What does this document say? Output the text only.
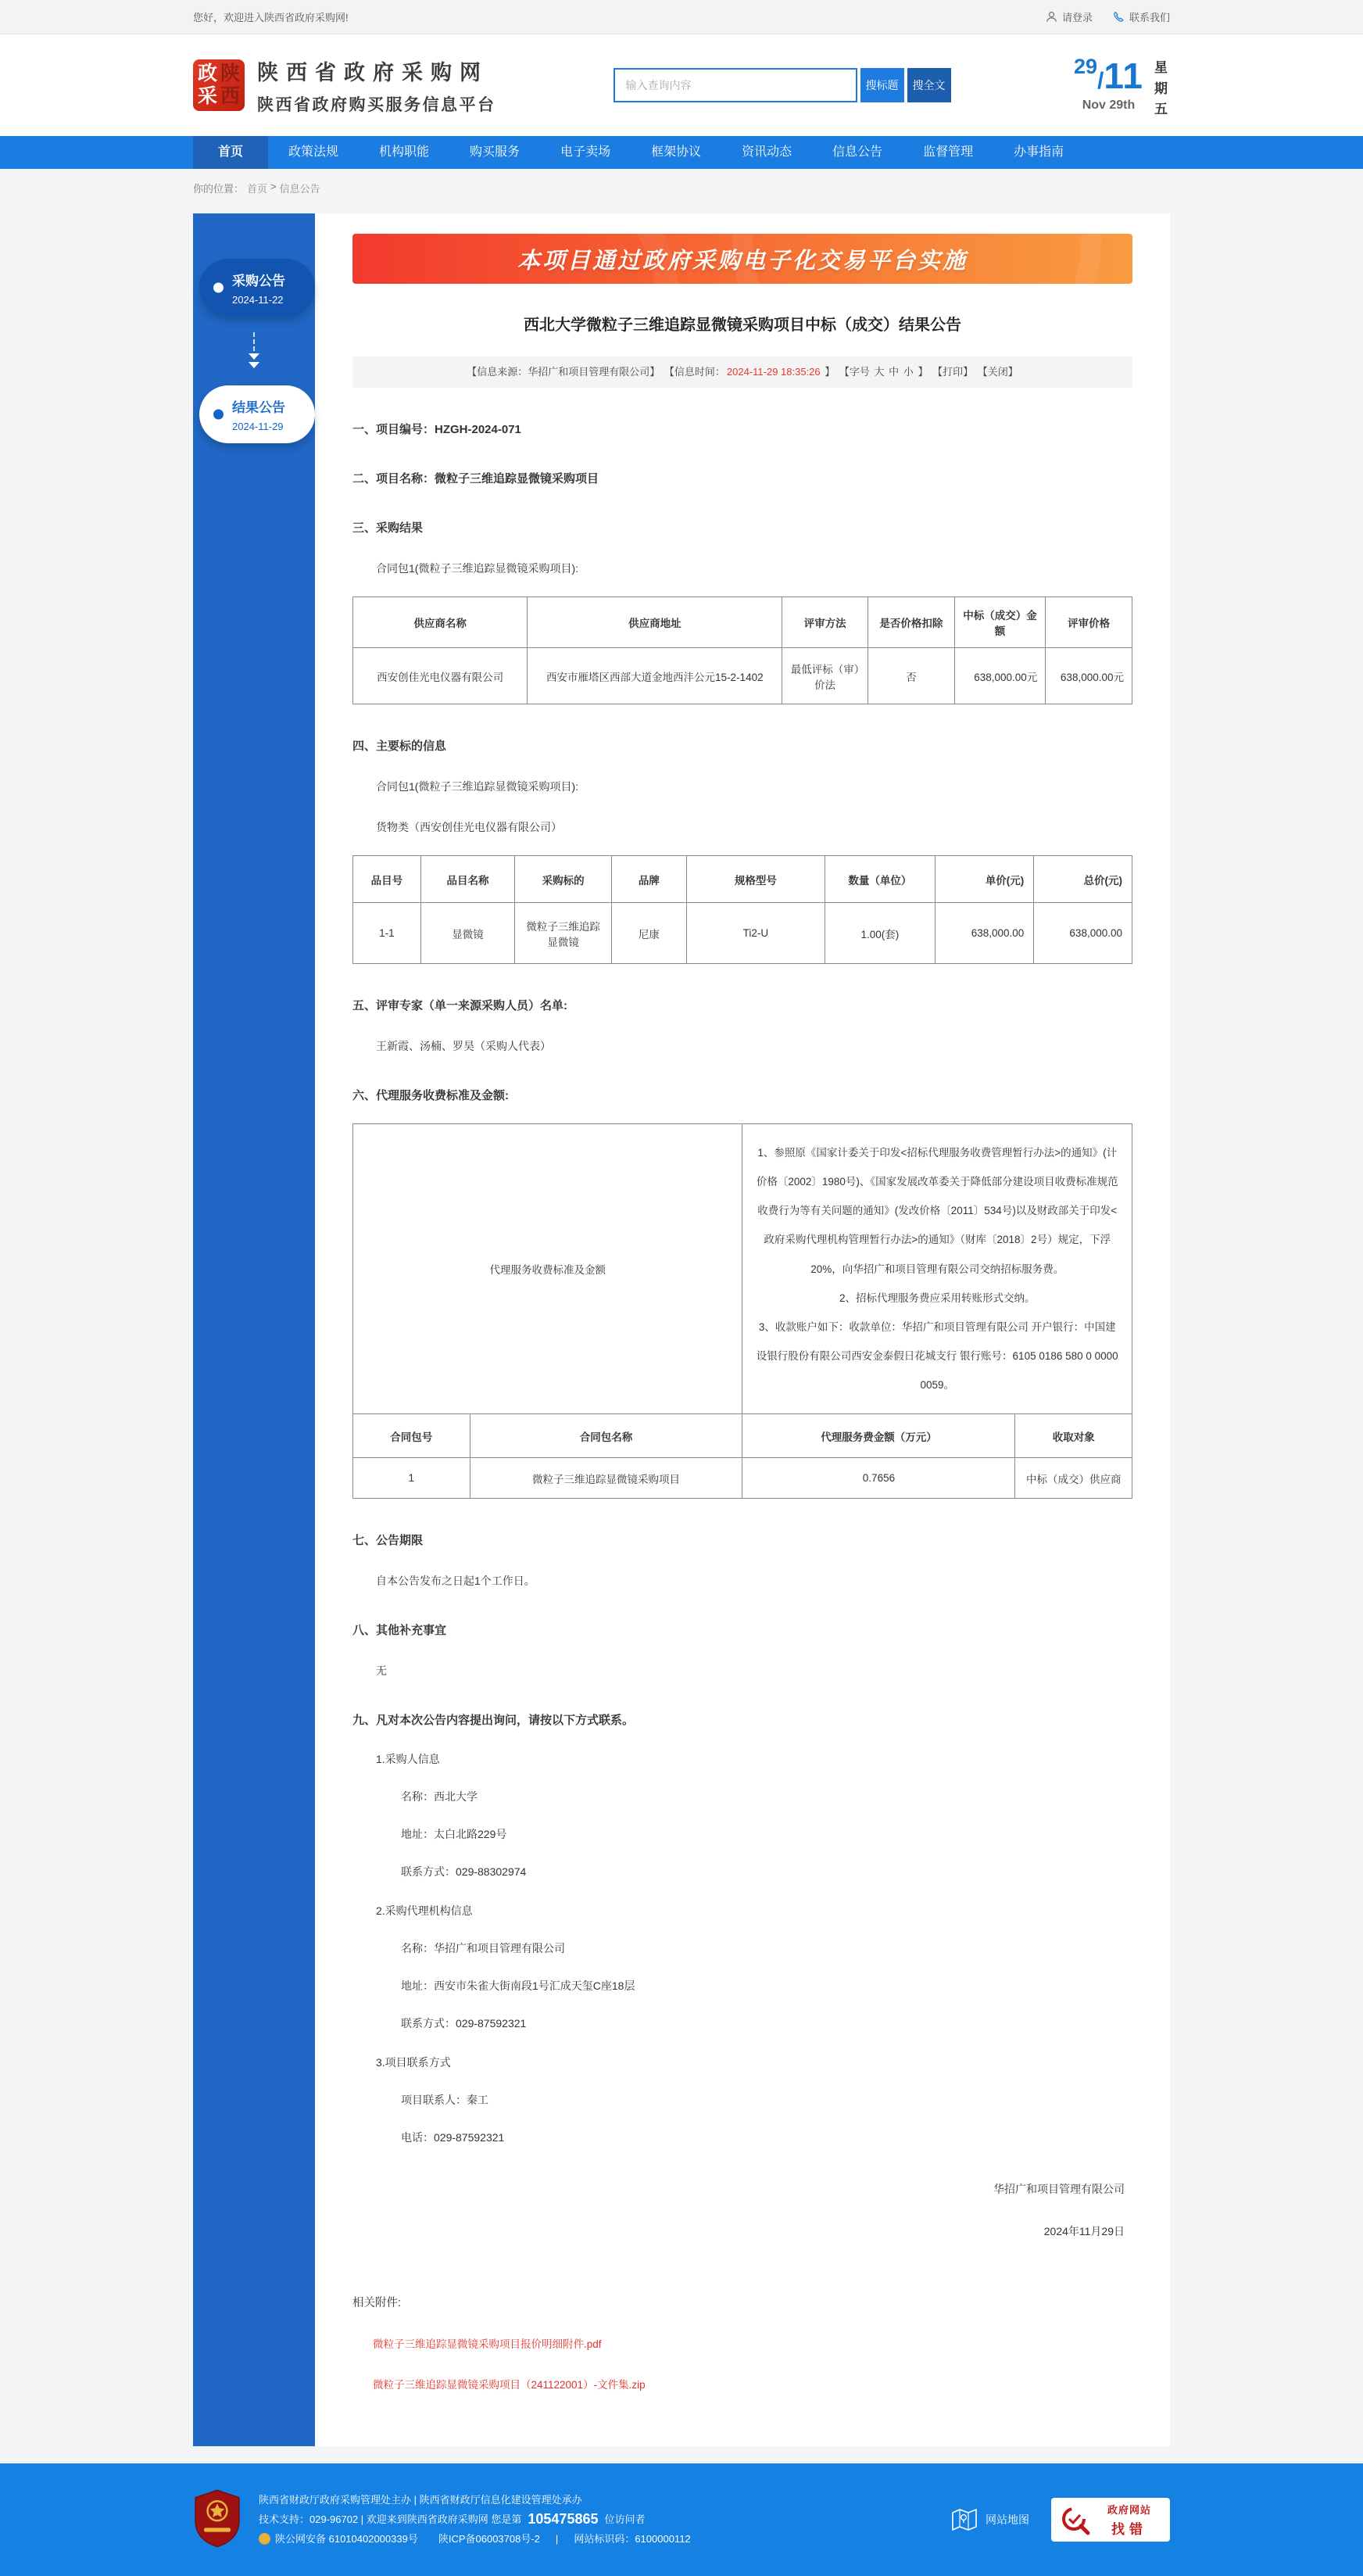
您好，欢迎进入陕西省政府采购网!	请登录	联系我们
政 陕
采 西
陕西省政府采购网
陕西省政府购买服务信息平台
输入查询内容
搜标题	搜全文
29/11
Nov 29th
星期五
首页	政策法规	机构职能	购买服务	电子卖场	框架协议	资讯动态	信息公告	监督管理	办事指南
你的位置： 首页 > 信息公告
采购公告
2024-11-22
结果公告
2024-11-29
本项目通过政府采购电子化交易平台实施
西北大学微粒子三维追踪显微镜采购项目中标（成交）结果公告
【信息来源：华招广和项目管理有限公司】 【信息时间： 2024-11-29 18:35:26 】 【字号 大 中 小 】 【打印】 【关闭】
一、项目编号：HZGH-2024-071
二、项目名称：微粒子三维追踪显微镜采购项目
三、采购结果
合同包1(微粒子三维追踪显微镜采购项目):
供应商名称	供应商地址	评审方法	是否价格扣除	中标（成交）金额	评审价格
西安创佳光电仪器有限公司	西安市雁塔区西部大道金地西沣公元15-2-1402	最低评标（审）价法	否	638,000.00元	638,000.00元
四、主要标的信息
合同包1(微粒子三维追踪显微镜采购项目):
货物类（西安创佳光电仪器有限公司）
品目号	品目名称	采购标的	品牌	规格型号	数量（单位）	单价(元)	总价(元)
1-1	显微镜	微粒子三维追踪显微镜	尼康	Ti2-U	1.00(套)	638,000.00	638,000.00
五、评审专家（单一来源采购人员）名单:
王新霞、汤楠、罗昊（采购人代表）
六、代理服务收费标准及金额:
代理服务收费标准及金额		1、参照原《国家计委关于印发<招标代理服务收费管理暂行办法>的通知》(计价格〔2002〕1980号)、《国家发展改革委关于降低部分建设项目收费标准规范收费行为等有关问题的通知》(发改价格〔2011〕534号)以及财政部关于印发<政府采购代理机构管理暂行办法>的通知》（财库〔2018〕2号）规定，下浮20%，向华招广和项目管理有限公司交纳招标服务费。

2、招标代理服务费应采用转账形式交纳。

3、收款账户如下：收款单位：华招广和项目管理有限公司 开户银行：中国建设银行股份有限公司西安金泰假日花城支行 银行账号：6105 0186 580 0 0000 0059。	

合同包号	合同包名称	代理服务费金额（万元）	收取对象
1	微粒子三维追踪显微镜采购项目	0.7656	中标（成交）供应商
七、公告期限
自本公告发布之日起1个工作日。
八、其他补充事宜
无
九、凡对本次公告内容提出询问，请按以下方式联系。
1.采购人信息
名称：西北大学
地址：太白北路229号
联系方式：029-88302974
2.采购代理机构信息
名称：华招广和项目管理有限公司
地址：西安市朱雀大街南段1号汇成天玺C座18层
联系方式：029-87592321
3.项目联系方式
项目联系人：秦工
电话：029-87592321
华招广和项目管理有限公司
2024年11月29日
相关附件:
微粒子三维追踪显微镜采购项目报价明细附件.pdf
微粒子三维追踪显微镜采购项目（241122001）-文件集.zip
陕西省财政厅政府采购管理处主办 | 陕西省财政厅信息化建设管理处承办
技术支持：029-96702 | 欢迎来到陕西省政府采购网 您是第 105475865 位访问者
陕公网安备 61010402000339号 陕ICP备06003708号-2 | 网站标识码：6100000112
网站地图
政府网站
找错
